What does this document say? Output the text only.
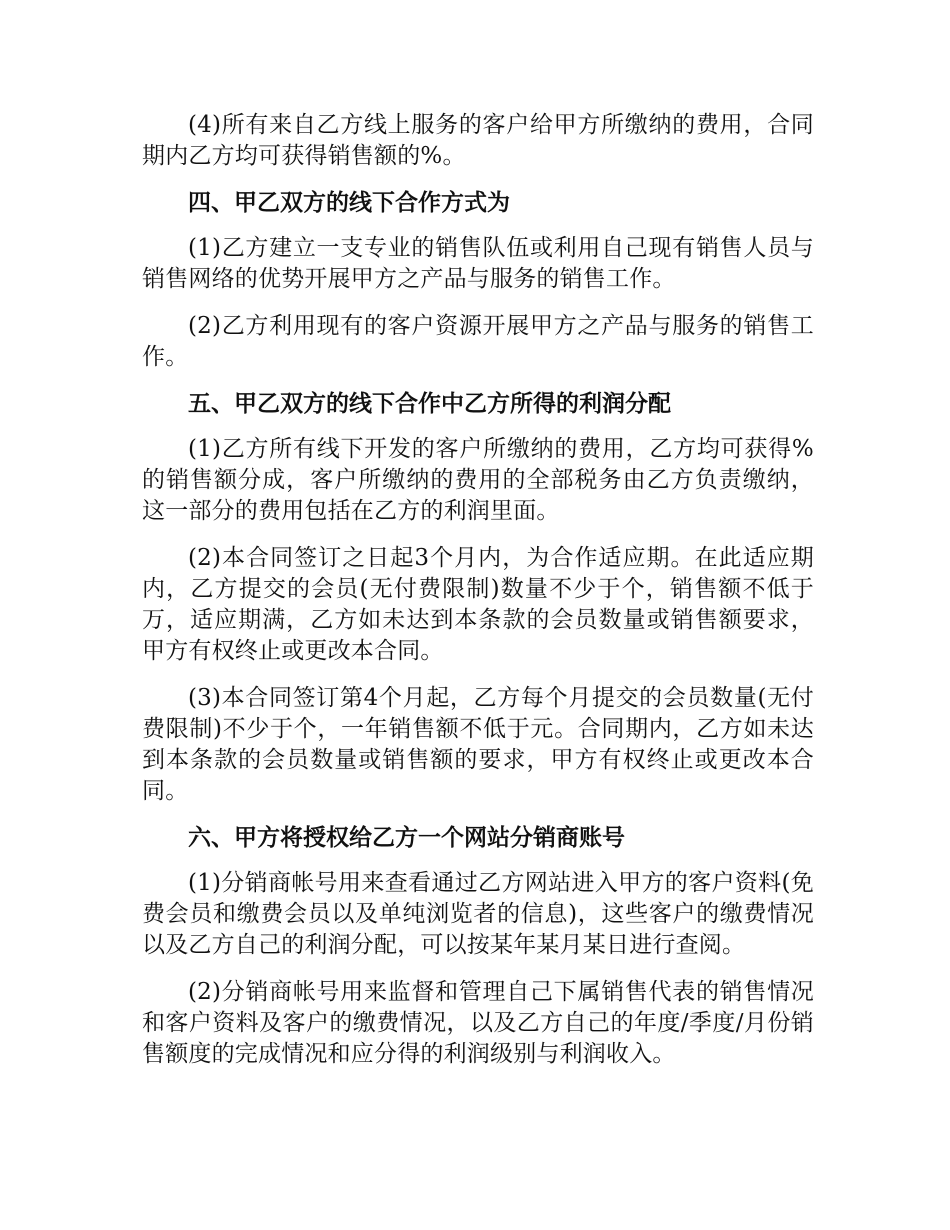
(4)所有来自乙方线上服务的客户给甲方所缴纳的费用，合同期内乙方均可获得销售额的%。

四、甲乙双方的线下合作方式为

(1)乙方建立一支专业的销售队伍或利用自己现有销售人员与销售网络的优势开展甲方之产品与服务的销售工作。

(2)乙方利用现有的客户资源开展甲方之产品与服务的销售工作。

五、甲乙双方的线下合作中乙方所得的利润分配

(1)乙方所有线下开发的客户所缴纳的费用，乙方均可获得%的销售额分成，客户所缴纳的费用的全部税务由乙方负责缴纳，这一部分的费用包括在乙方的利润里面。

(2)本合同签订之日起3个月内，为合作适应期。在此适应期内，乙方提交的会员(无付费限制)数量不少于个，销售额不低于万，适应期满，乙方如未达到本条款的会员数量或销售额要求，甲方有权终止或更改本合同。

(3)本合同签订第4个月起，乙方每个月提交的会员数量(无付费限制)不少于个，一年销售额不低于元。合同期内，乙方如未达到本条款的会员数量或销售额的要求，甲方有权终止或更改本合同。

六、甲方将授权给乙方一个网站分销商账号

(1)分销商帐号用来查看通过乙方网站进入甲方的客户资料(免费会员和缴费会员以及单纯浏览者的信息)，这些客户的缴费情况以及乙方自己的利润分配，可以按某年某月某日进行查阅。

(2)分销商帐号用来监督和管理自己下属销售代表的销售情况和客户资料及客户的缴费情况，以及乙方自己的年度/季度/月份销售额度的完成情况和应分得的利润级别与利润收入。
